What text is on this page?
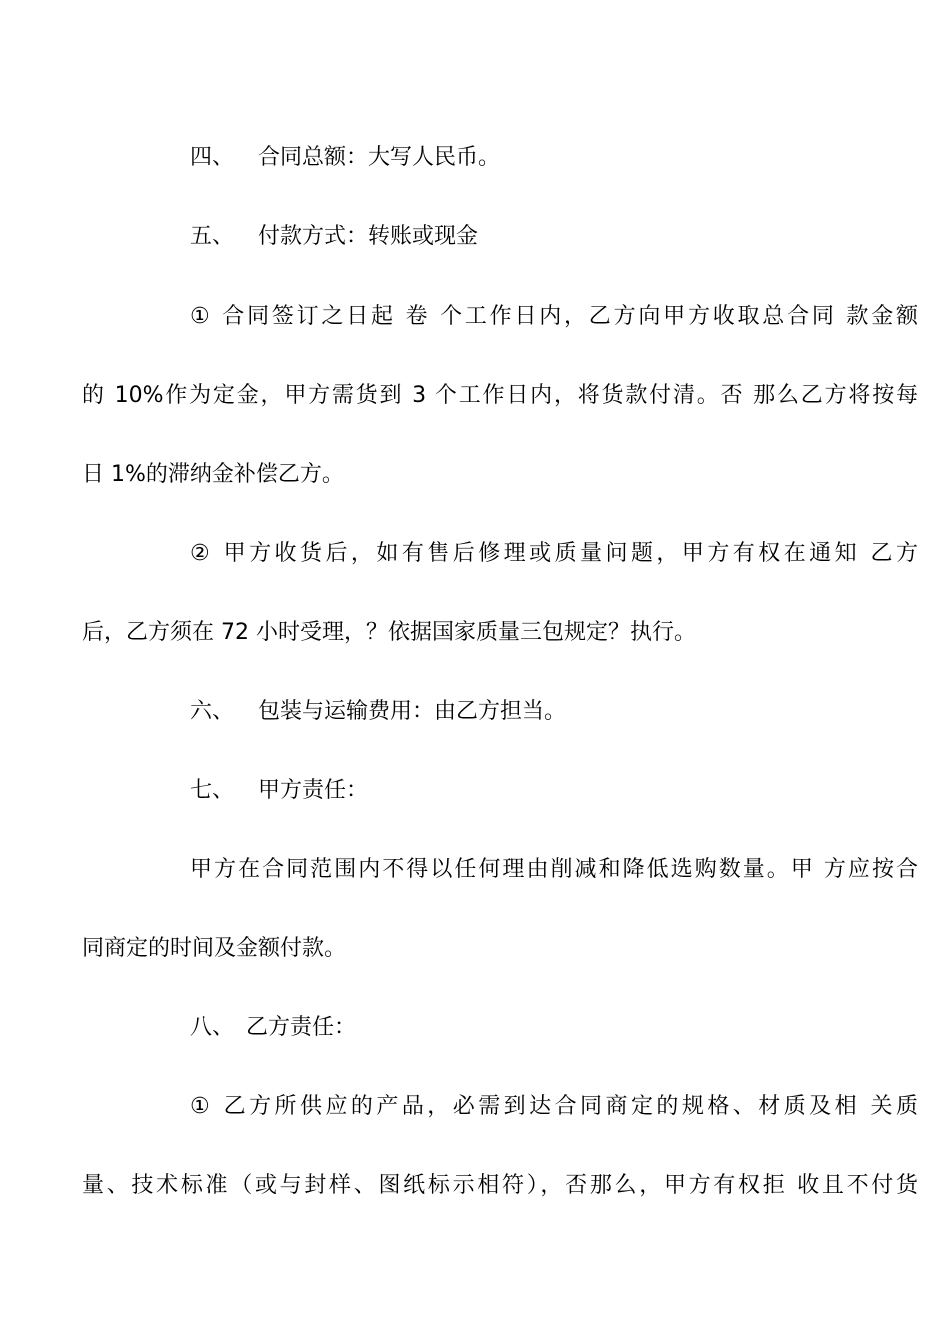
四、 合同总额：大写人民币。
五、 付款方式：转账或现金
① 合同签订之日起 卷 个工作日内，乙方向甲方收取总合同 款金额
的 10%作为定金，甲方需货到 3 个工作日内，将货款付清。否 那么乙方将按每
日 1%的滞纳金补偿乙方。
② 甲方收货后，如有售后修理或质量问题，甲方有权在通知 乙方
后，乙方须在 72 小时受理，？依据国家质量三包规定？执行。
六、 包装与运输费用：由乙方担当。
七、 甲方责任：
甲方在合同范围内不得以任何理由削减和降低选购数量。甲 方应按合
同商定的时间及金额付款。
八、 乙方责任：
① 乙方所供应的产品，必需到达合同商定的规格、材质及相 关质
量、技术标准（或与封样、图纸标示相符），否那么，甲方有权拒 收且不付货
